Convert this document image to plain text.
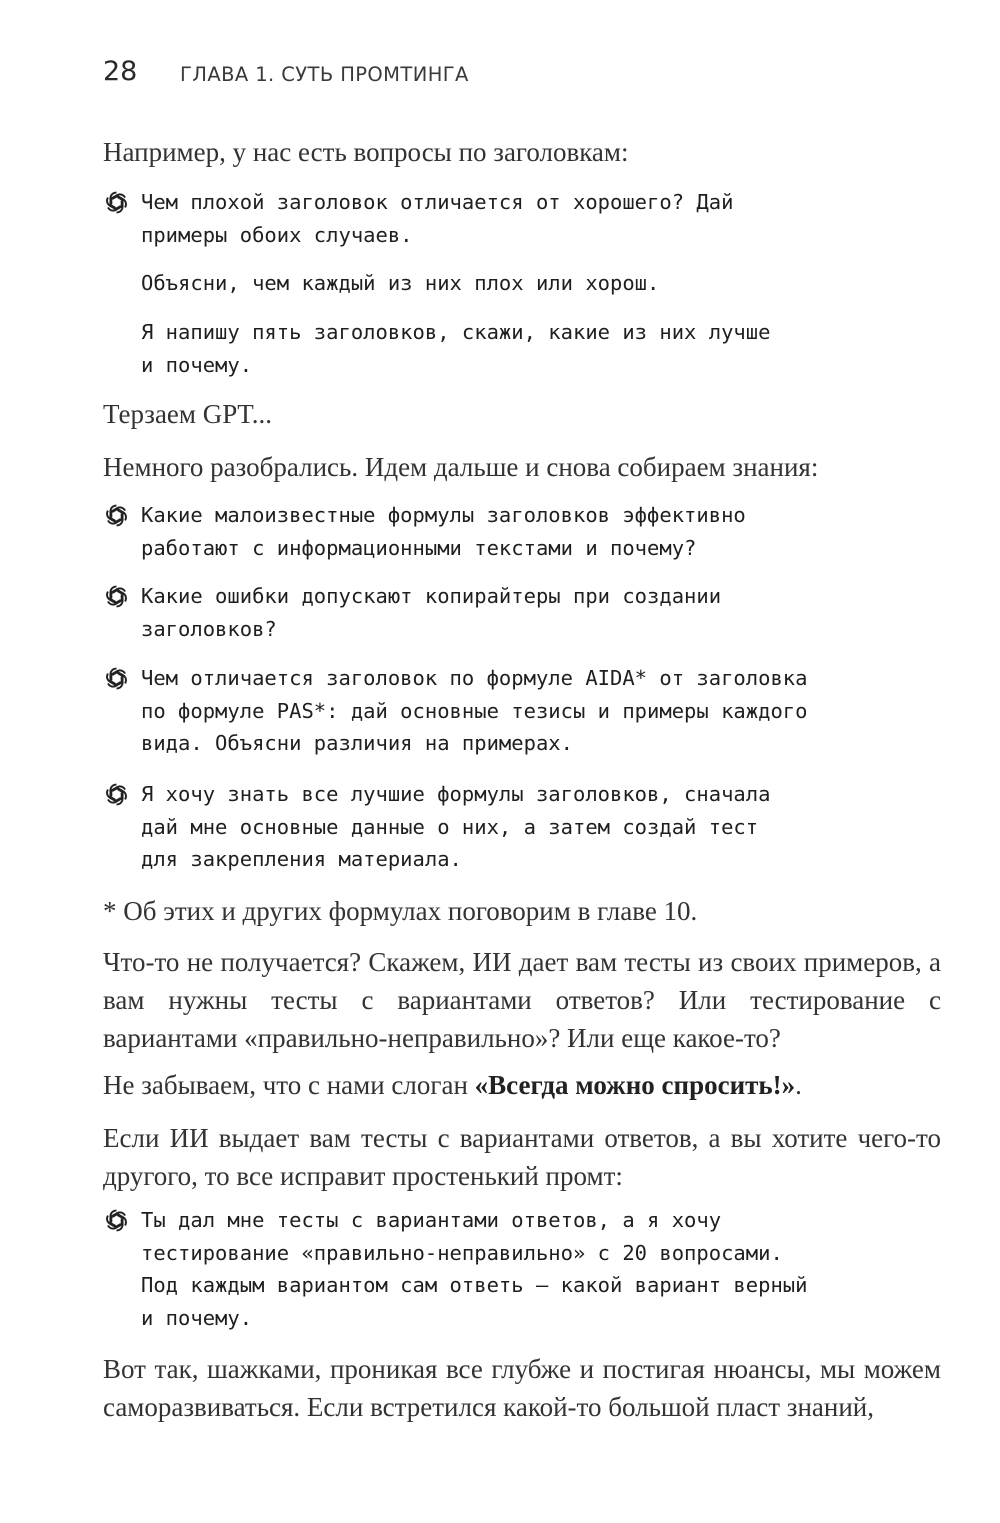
28 ГЛАВА 1. СУТЬ ПРОМТИНГА
Например, у нас есть вопросы по заголовкам:
Чем плохой заголовок отличается от хорошего? Дай
примеры обоих случаев.
Объясни, чем каждый из них плох или хорош.
Я напишу пять заголовков, скажи, какие из них лучше
и почему.
Терзаем GPT...
Немного разобрались. Идем дальше и снова собираем знания:
Какие малоизвестные формулы заголовков эффективно
работают с информационными текстами и почему?
Какие ошибки допускают копирайтеры при создании
заголовков?
Чем отличается заголовок по формуле AIDA* от заголовка
по формуле PAS*: дай основные тезисы и примеры каждого
вида. Объясни различия на примерах.
Я хочу знать все лучшие формулы заголовков, сначала
дай мне основные данные о них, а затем создай тест
для закрепления материала.
* Об этих и других формулах поговорим в главе 10.
Что-то не получается? Скажем, ИИ дает вам тесты из своих примеров, а вам нужны тесты с вариантами ответов? Или тестирование с вариантами «правильно-неправильно»? Или еще какое-то?
Не забываем, что с нами слоган «Всегда можно спросить!».
Если ИИ выдает вам тесты с вариантами ответов, а вы хотите чего-то другого, то все исправит простенький промт:
Ты дал мне тесты с вариантами ответов, а я хочу
тестирование «правильно-неправильно» с 20 вопросами.
Под каждым вариантом сам ответь — какой вариант верный
и почему.
Вот так, шажками, проникая все глубже и постигая нюансы, мы можем саморазвиваться. Если встретился какой-то большой пласт знаний,
